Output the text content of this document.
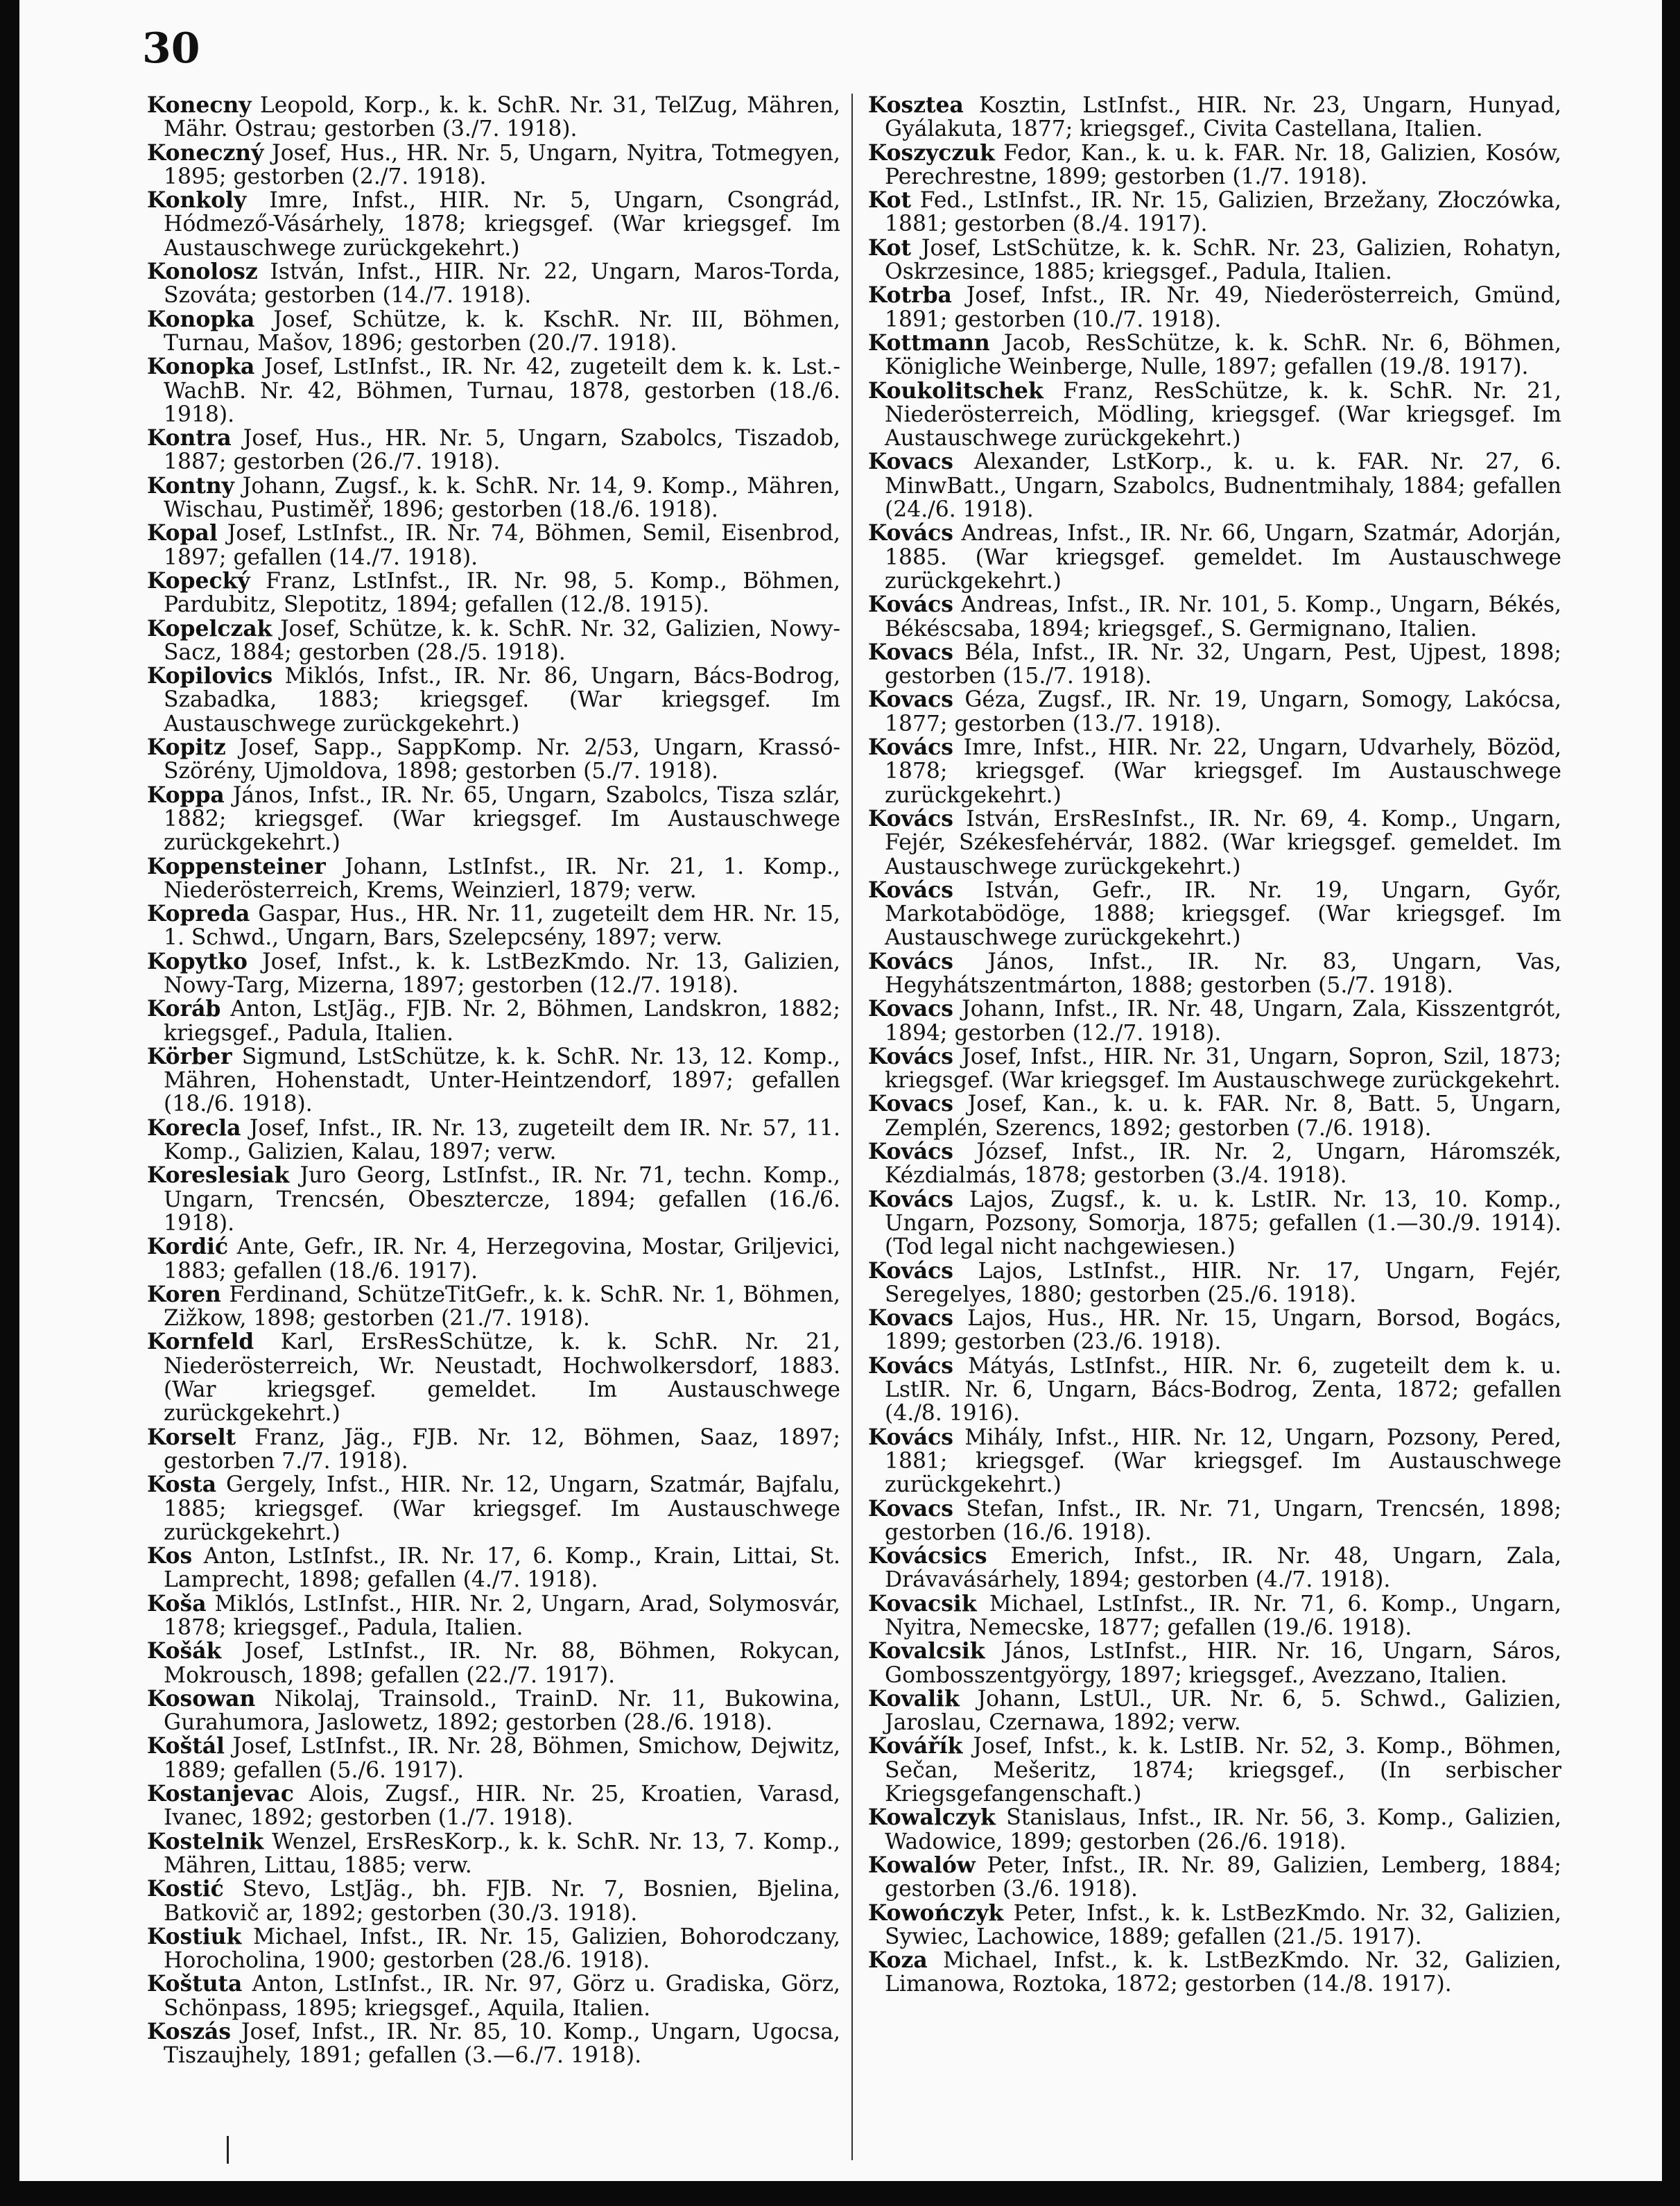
30

Konecny Leopold, Korp., k. k. SchR. Nr. 31, TelZug, Mähren, Mähr. Ostrau; gestorben (3./7. 1918).

Koneczný Josef, Hus., HR. Nr. 5, Ungarn, Nyitra, Totmegyen, 1895; gestorben (2./7. 1918).

Konkoly Imre, Infst., HIR. Nr. 5, Ungarn, Csongrád, Hódmező-Vásárhely, 1878; kriegsgef. (War kriegsgef. Im Austauschwege zurückgekehrt.)

Konolosz István, Infst., HIR. Nr. 22, Ungarn, Maros-Torda, Szováta; gestorben (14./7. 1918).

Konopka Josef, Schütze, k. k. KschR. Nr. III, Böhmen, Turnau, Mašov, 1896; gestorben (20./7. 1918).

Konopka Josef, LstInfst., IR. Nr. 42, zugeteilt dem k. k. Lst.-WachB. Nr. 42, Böhmen, Turnau, 1878, gestorben (18./6. 1918).

Kontra Josef, Hus., HR. Nr. 5, Ungarn, Szabolcs, Tiszadob, 1887; gestorben (26./7. 1918).

Kontny Johann, Zugsf., k. k. SchR. Nr. 14, 9. Komp., Mähren, Wischau, Pustiměř, 1896; gestorben (18./6. 1918).

Kopal Josef, LstInfst., IR. Nr. 74, Böhmen, Semil, Eisenbrod, 1897; gefallen (14./7. 1918).

Kopecký Franz, LstInfst., IR. Nr. 98, 5. Komp., Böhmen, Pardubitz, Slepotitz, 1894; gefallen (12./8. 1915).

Kopelczak Josef, Schütze, k. k. SchR. Nr. 32, Galizien, Nowy-Sacz, 1884; gestorben (28./5. 1918).

Kopilovics Miklós, Infst., IR. Nr. 86, Ungarn, Bács-Bodrog, Szabadka, 1883; kriegsgef. (War kriegsgef. Im Austauschwege zurückgekehrt.)

Kopitz Josef, Sapp., SappKomp. Nr. 2/53, Ungarn, Krassó-Szörény, Ujmoldova, 1898; gestorben (5./7. 1918).

Koppa János, Infst., IR. Nr. 65, Ungarn, Szabolcs, Tisza szlár, 1882; kriegsgef. (War kriegsgef. Im Austauschwege zurückgekehrt.)

Koppensteiner Johann, LstInfst., IR. Nr. 21, 1. Komp., Niederösterreich, Krems, Weinzierl, 1879; verw.

Kopreda Gaspar, Hus., HR. Nr. 11, zugeteilt dem HR. Nr. 15, 1. Schwd., Ungarn, Bars, Szelepcsény, 1897; verw.

Kopytko Josef, Infst., k. k. LstBezKmdo. Nr. 13, Galizien, Nowy-Targ, Mizerna, 1897; gestorben (12./7. 1918).

Koráb Anton, LstJäg., FJB. Nr. 2, Böhmen, Landskron, 1882; kriegsgef., Padula, Italien.

Körber Sigmund, LstSchütze, k. k. SchR. Nr. 13, 12. Komp., Mähren, Hohenstadt, Unter-Heintzendorf, 1897; gefallen (18./6. 1918).

Korecla Josef, Infst., IR. Nr. 13, zugeteilt dem IR. Nr. 57, 11. Komp., Galizien, Kalau, 1897; verw.

Koreslesiak Juro Georg, LstInfst., IR. Nr. 71, techn. Komp., Ungarn, Trencsén, Obesztercze, 1894; gefallen (16./6. 1918).

Kordić Ante, Gefr., IR. Nr. 4, Herzegovina, Mostar, Griljevici, 1883; gefallen (18./6. 1917).

Koren Ferdinand, SchützeTitGefr., k. k. SchR. Nr. 1, Böhmen, Zižkow, 1898; gestorben (21./7. 1918).

Kornfeld Karl, ErsResSchütze, k. k. SchR. Nr. 21, Niederösterreich, Wr. Neustadt, Hochwolkersdorf, 1883. (War kriegsgef. gemeldet. Im Austauschwege zurückgekehrt.)

Korselt Franz, Jäg., FJB. Nr. 12, Böhmen, Saaz, 1897; gestorben 7./7. 1918).

Kosta Gergely, Infst., HIR. Nr. 12, Ungarn, Szatmár, Bajfalu, 1885; kriegsgef. (War kriegsgef. Im Austauschwege zurückgekehrt.)

Kos Anton, LstInfst., IR. Nr. 17, 6. Komp., Krain, Littai, St. Lamprecht, 1898; gefallen (4./7. 1918).

Koša Miklós, LstInfst., HIR. Nr. 2, Ungarn, Arad, Solymosvár, 1878; kriegsgef., Padula, Italien.

Košák Josef, LstInfst., IR. Nr. 88, Böhmen, Rokycan, Mokrousch, 1898; gefallen (22./7. 1917).

Kosowan Nikolaj, Trainsold., TrainD. Nr. 11, Bukowina, Gurahumora, Jaslowetz, 1892; gestorben (28./6. 1918).

Koštál Josef, LstInfst., IR. Nr. 28, Böhmen, Smichow, Dejwitz, 1889; gefallen (5./6. 1917).

Kostanjevac Alois, Zugsf., HIR. Nr. 25, Kroatien, Varasd, Ivanec, 1892; gestorben (1./7. 1918).

Kostelnik Wenzel, ErsResKorp., k. k. SchR. Nr. 13, 7. Komp., Mähren, Littau, 1885; verw.

Kostić Stevo, LstJäg., bh. FJB. Nr. 7, Bosnien, Bjelina, Batkovič ar, 1892; gestorben (30./3. 1918).

Kostiuk Michael, Infst., IR. Nr. 15, Galizien, Bohorodczany, Horocholina, 1900; gestorben (28./6. 1918).

Koštuta Anton, LstInfst., IR. Nr. 97, Görz u. Gradiska, Görz, Schönpass, 1895; kriegsgef., Aquila, Italien.

Koszás Josef, Infst., IR. Nr. 85, 10. Komp., Ungarn, Ugocsa, Tiszaujhely, 1891; gefallen (3.—6./7. 1918).

Kosztea Kosztin, LstInfst., HIR. Nr. 23, Ungarn, Hunyad, Gyálakuta, 1877; kriegsgef., Civita Castellana, Italien.

Koszyczuk Fedor, Kan., k. u. k. FAR. Nr. 18, Galizien, Kosów, Perechrestne, 1899; gestorben (1./7. 1918).

Kot Fed., LstInfst., IR. Nr. 15, Galizien, Brzežany, Złoczówka, 1881; gestorben (8./4. 1917).

Kot Josef, LstSchütze, k. k. SchR. Nr. 23, Galizien, Rohatyn, Oskrzesince, 1885; kriegsgef., Padula, Italien.

Kotrba Josef, Infst., IR. Nr. 49, Niederösterreich, Gmünd, 1891; gestorben (10./7. 1918).

Kottmann Jacob, ResSchütze, k. k. SchR. Nr. 6, Böhmen, Königliche Weinberge, Nulle, 1897; gefallen (19./8. 1917).

Koukolitschek Franz, ResSchütze, k. k. SchR. Nr. 21, Niederösterreich, Mödling, kriegsgef. (War kriegsgef. Im Austauschwege zurückgekehrt.)

Kovacs Alexander, LstKorp., k. u. k. FAR. Nr. 27, 6. MinwBatt., Ungarn, Szabolcs, Budnentmihaly, 1884; gefallen (24./6. 1918).

Kovács Andreas, Infst., IR. Nr. 66, Ungarn, Szatmár, Adorján, 1885. (War kriegsgef. gemeldet. Im Austauschwege zurückgekehrt.)

Kovács Andreas, Infst., IR. Nr. 101, 5. Komp., Ungarn, Békés, Békéscsaba, 1894; kriegsgef., S. Germignano, Italien.

Kovacs Béla, Infst., IR. Nr. 32, Ungarn, Pest, Ujpest, 1898; gestorben (15./7. 1918).

Kovacs Géza, Zugsf., IR. Nr. 19, Ungarn, Somogy, Lakócsa, 1877; gestorben (13./7. 1918).

Kovács Imre, Infst., HIR. Nr. 22, Ungarn, Udvarhely, Bözöd, 1878; kriegsgef. (War kriegsgef. Im Austauschwege zurückgekehrt.)

Kovács István, ErsResInfst., IR. Nr. 69, 4. Komp., Ungarn, Fejér, Székesfehérvár, 1882. (War kriegsgef. gemeldet. Im Austauschwege zurückgekehrt.)

Kovács István, Gefr., IR. Nr. 19, Ungarn, Győr, Markotabödöge, 1888; kriegsgef. (War kriegsgef. Im Austauschwege zurückgekehrt.)

Kovács János, Infst., IR. Nr. 83, Ungarn, Vas, Hegyhátszentmárton, 1888; gestorben (5./7. 1918).

Kovacs Johann, Infst., IR. Nr. 48, Ungarn, Zala, Kisszentgrót, 1894; gestorben (12./7. 1918).

Kovács Josef, Infst., HIR. Nr. 31, Ungarn, Sopron, Szil, 1873; kriegsgef. (War kriegsgef. Im Austauschwege zurückgekehrt.

Kovacs Josef, Kan., k. u. k. FAR. Nr. 8, Batt. 5, Ungarn, Zemplén, Szerencs, 1892; gestorben (7./6. 1918).

Kovács József, Infst., IR. Nr. 2, Ungarn, Háromszék, Kézdialmás, 1878; gestorben (3./4. 1918).

Kovács Lajos, Zugsf., k. u. k. LstIR. Nr. 13, 10. Komp., Ungarn, Pozsony, Somorja, 1875; gefallen (1.—30./9. 1914). (Tod legal nicht nachgewiesen.)

Kovács Lajos, LstInfst., HIR. Nr. 17, Ungarn, Fejér, Seregelyes, 1880; gestorben (25./6. 1918).

Kovacs Lajos, Hus., HR. Nr. 15, Ungarn, Borsod, Bogács, 1899; gestorben (23./6. 1918).

Kovács Mátyás, LstInfst., HIR. Nr. 6, zugeteilt dem k. u. LstIR. Nr. 6, Ungarn, Bács-Bodrog, Zenta, 1872; gefallen (4./8. 1916).

Kovács Mihály, Infst., HIR. Nr. 12, Ungarn, Pozsony, Pered, 1881; kriegsgef. (War kriegsgef. Im Austauschwege zurückgekehrt.)

Kovacs Stefan, Infst., IR. Nr. 71, Ungarn, Trencsén, 1898; gestorben (16./6. 1918).

Kovácsics Emerich, Infst., IR. Nr. 48, Ungarn, Zala, Drávavásárhely, 1894; gestorben (4./7. 1918).

Kovacsik Michael, LstInfst., IR. Nr. 71, 6. Komp., Ungarn, Nyitra, Nemecske, 1877; gefallen (19./6. 1918).

Kovalcsik János, LstInfst., HIR. Nr. 16, Ungarn, Sáros, Gombosszentgyörgy, 1897; kriegsgef., Avezzano, Italien.

Kovalik Johann, LstUl., UR. Nr. 6, 5. Schwd., Galizien, Jaroslau, Czernawa, 1892; verw.

Kovářík Josef, Infst., k. k. LstIB. Nr. 52, 3. Komp., Böhmen, Sečan, Mešeritz, 1874; kriegsgef., (In serbischer Kriegsgefangenschaft.)

Kowalczyk Stanislaus, Infst., IR. Nr. 56, 3. Komp., Galizien, Wadowice, 1899; gestorben (26./6. 1918).

Kowalów Peter, Infst., IR. Nr. 89, Galizien, Lemberg, 1884; gestorben (3./6. 1918).

Kowończyk Peter, Infst., k. k. LstBezKmdo. Nr. 32, Galizien, Sywiec, Lachowice, 1889; gefallen (21./5. 1917).

Koza Michael, Infst., k. k. LstBezKmdo. Nr. 32, Galizien, Limanowa, Roztoka, 1872; gestorben (14./8. 1917).
